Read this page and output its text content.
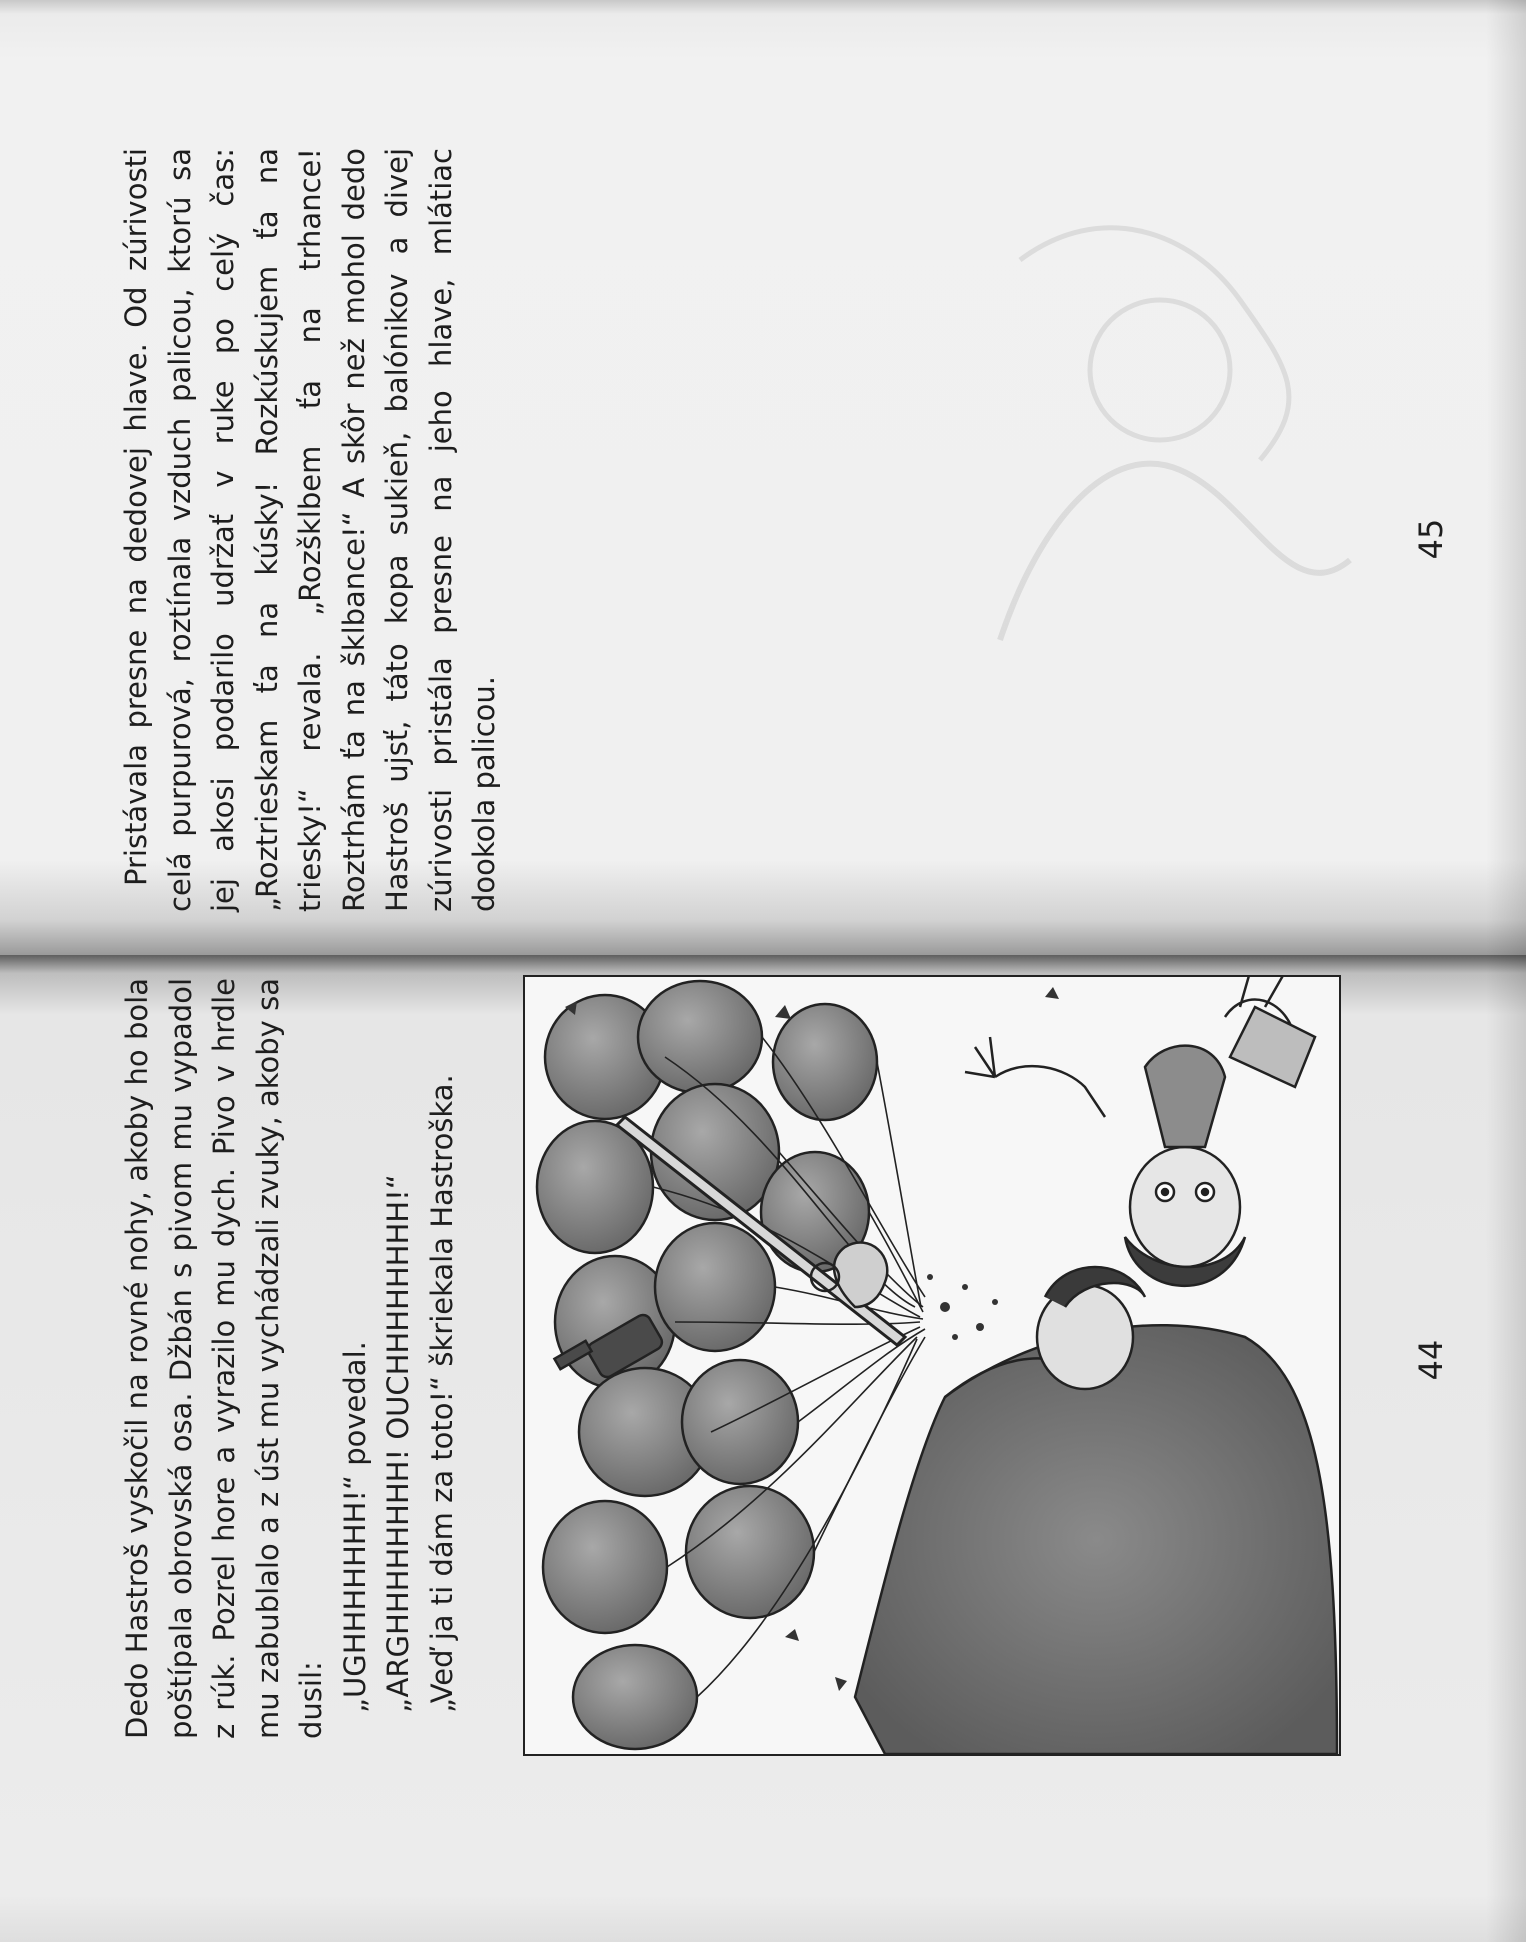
Pristávala presne na dedovej hlave. Od zúrivosti celá purpurová, roztínala vzduch palicou, ktorú sa jej akosi podarilo udržať v ruke po celý čas: „Roztrieskam ťa na kúsky! Rozkúskujem ťa na triesky!“ revala. „Rozšklbem ťa na trhance! Roztrhám ťa na šklbance!“ A skôr než mohol dedo Hastroš ujsť, táto kopa sukieň, balónikov a divej zúrivosti pristála presne na jeho hlave, mlátiac dookola palicou.

45

Dedo Hastroš vyskočil na rovné nohy, akoby ho bola poštípala obrovská osa. Džbán s pivom mu vypadol z rúk. Pozrel hore a vyrazilo mu dych. Pivo v hrdle mu zabublalo a z úst mu vychádzali zvuky, akoby sa dusil: „UGHHHHHHH!“ povedal. „ARGHHHHHHHH! OUCHHHHHHHH!“ „Veď ja ti dám za toto!“ škriekala Hastroška.	44
